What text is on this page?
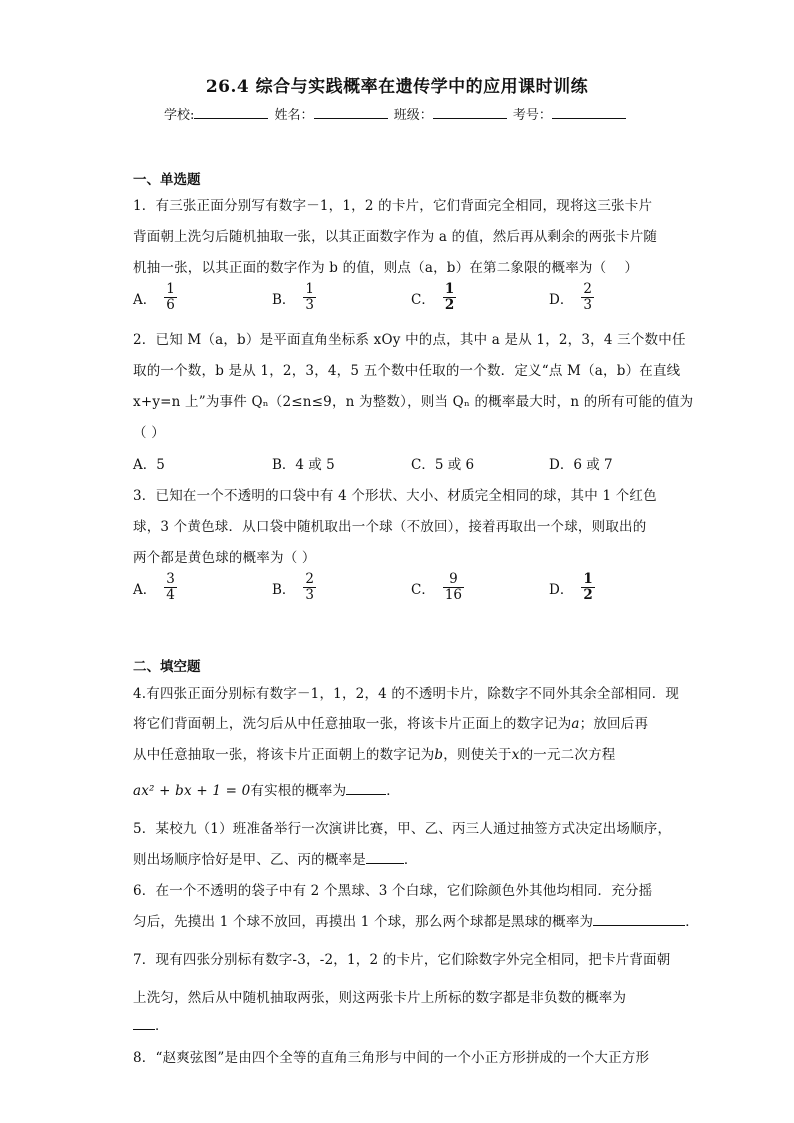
26.4 综合与实践概率在遗传学中的应用课时训练
学校:	姓名：	班级：	考号：
一、单选题
1．有三张正面分别写有数字－1，1，2 的卡片，它们背面完全相同，现将这三张卡片
背面朝上洗匀后随机抽取一张，以其正面数字作为 a 的值，然后再从剩余的两张卡片随
机抽一张，以其正面的数字作为 b 的值，则点（a，b）在第二象限的概率为（　 ）
A． $\frac{1}{6}$	B． $\frac{1}{3}$	C． $\frac{1}{2}$	D． $\frac{2}{3}$
2．已知 M（a，b）是平面直角坐标系 xOy 中的点，其中 a 是从 1，2，3，4 三个数中任
取的一个数，b 是从 1，2，3，4，5 五个数中任取的一个数．定义“点 M（a，b）在直线
x+y=n 上”为事件 Qₙ（2≤n≤9，n 为整数），则当 Qₙ 的概率最大时，n 的所有可能的值为
（ ）
A．5	B．4 或 5	C．5 或 6	D．6 或 7
3．已知在一个不透明的口袋中有 4 个形状、大小、材质完全相同的球，其中 1 个红色
球，3 个黄色球．从口袋中随机取出一个球（不放回），接着再取出一个球，则取出的
两个都是黄色球的概率为（ ）
A． $\frac{3}{4}$	B． $\frac{2}{3}$	C． $\frac{9}{16}$	D． $\frac{1}{2}$
二、填空题
4.有四张正面分别标有数字－1，1，2，4 的不透明卡片，除数字不同外其余全部相同．现
将它们背面朝上，洗匀后从中任意抽取一张，将该卡片正面上的数字记为a；放回后再
从中任意抽取一张，将该卡片正面朝上的数字记为b，则使关于x的一元二次方程
ax² + bx + 1 = 0有实根的概率为	．
5．某校九（1）班准备举行一次演讲比赛，甲、乙、丙三人通过抽签方式决定出场顺序，
则出场顺序恰好是甲、乙、丙的概率是	．
6．在一个不透明的袋子中有 2 个黑球、3 个白球，它们除颜色外其他均相同．充分摇
匀后，先摸出 1 个球不放回，再摸出 1 个球，那么两个球都是黑球的概率为	．
7．现有四张分别标有数字-3，-2，1，2 的卡片，它们除数字外完全相同，把卡片背面朝
上洗匀，然后从中随机抽取两张，则这两张卡片上所标的数字都是非负数的概率为
．
8．“赵爽弦图”是由四个全等的直角三角形与中间的一个小正方形拼成的一个大正方形
